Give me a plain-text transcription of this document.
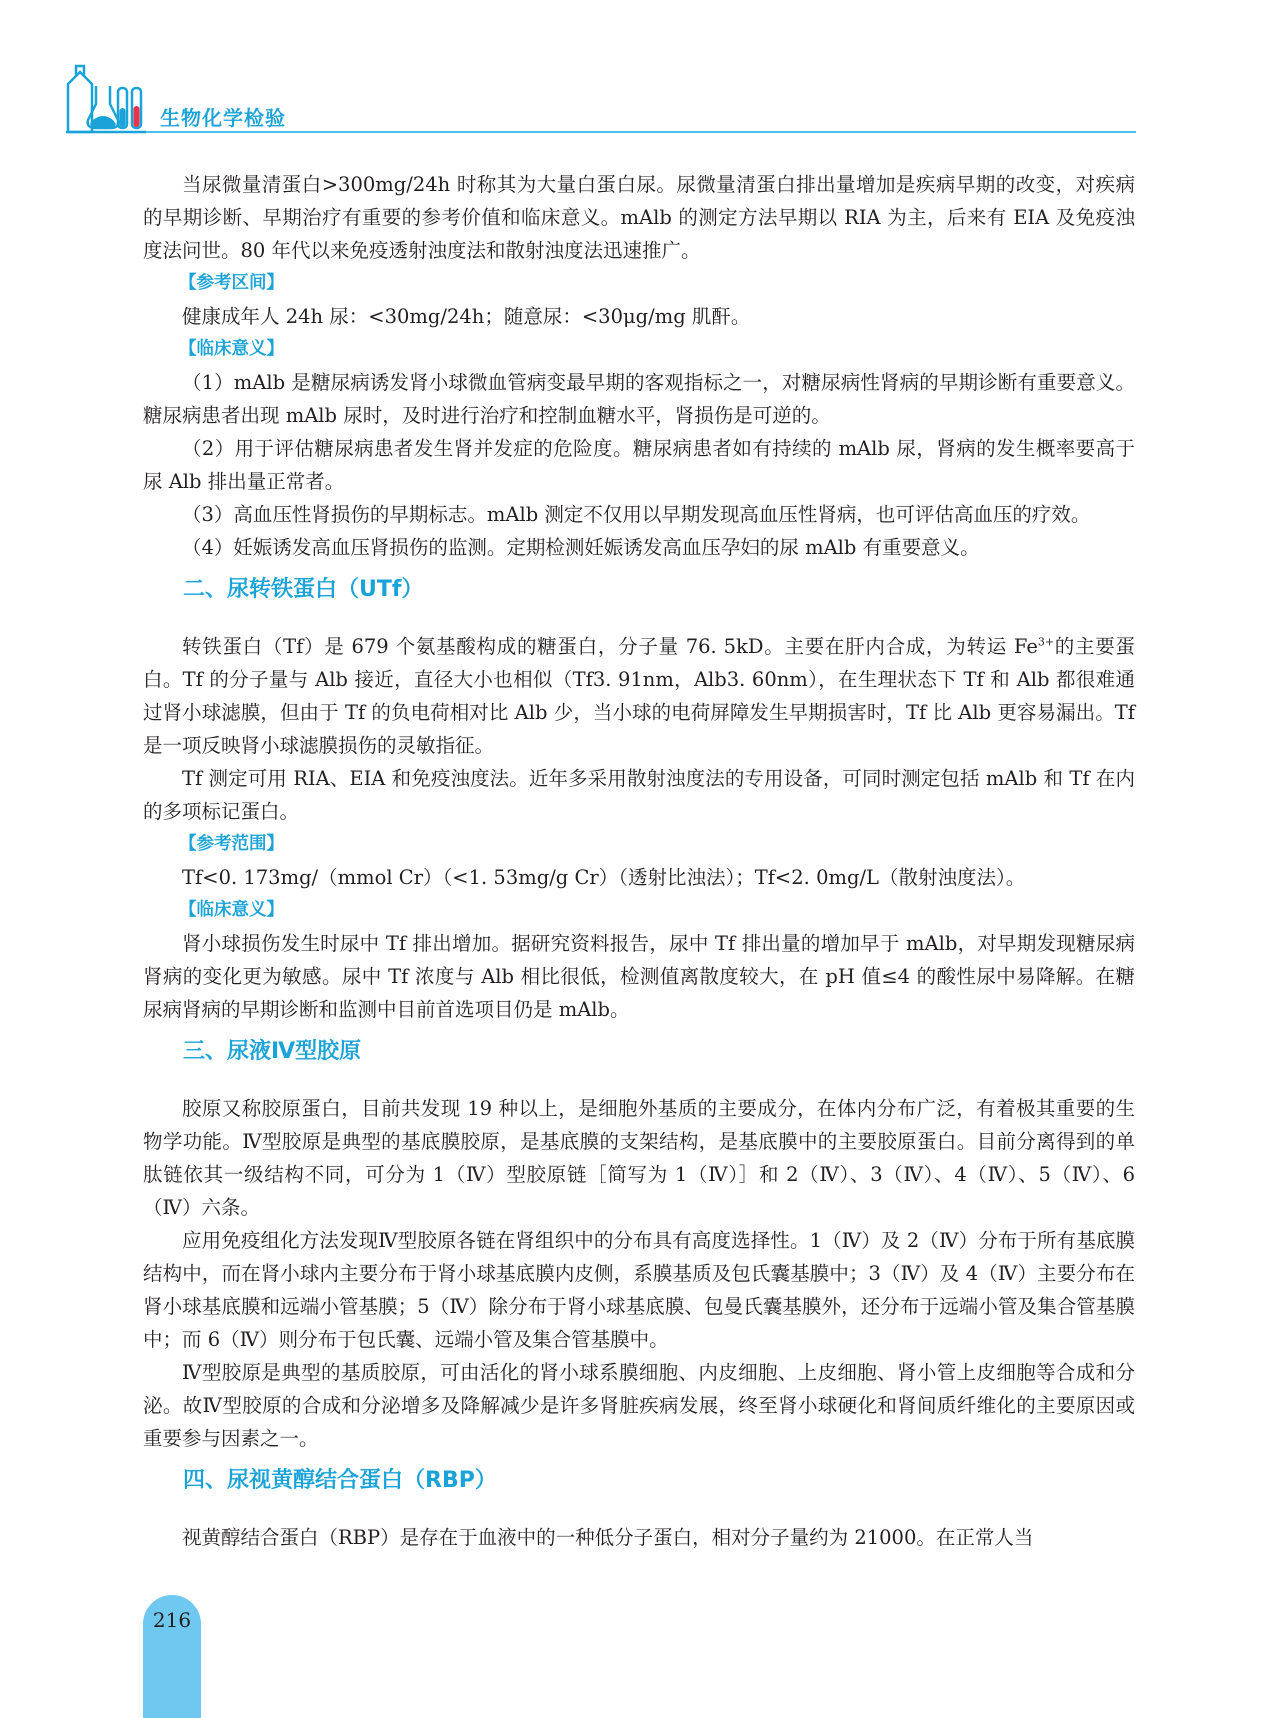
生物化学检验

当尿微量清蛋白>300mg/24h 时称其为大量白蛋白尿。尿微量清蛋白排出量增加是疾病早期的改变，对疾病的早期诊断、早期治疗有重要的参考价值和临床意义。mAlb 的测定方法早期以 RIA 为主，后来有 EIA 及免疫浊度法问世。80 年代以来免疫透射浊度法和散射浊度法迅速推广。

【参考区间】

健康成年人 24h 尿：<30mg/24h；随意尿：<30μg/mg 肌酐。

【临床意义】

（1）mAlb 是糖尿病诱发肾小球微血管病变最早期的客观指标之一，对糖尿病性肾病的早期诊断有重要意义。糖尿病患者出现 mAlb 尿时，及时进行治疗和控制血糖水平，肾损伤是可逆的。

（2）用于评估糖尿病患者发生肾并发症的危险度。糖尿病患者如有持续的 mAlb 尿，肾病的发生概率要高于尿 Alb 排出量正常者。

（3）高血压性肾损伤的早期标志。mAlb 测定不仅用以早期发现高血压性肾病，也可评估高血压的疗效。

（4）妊娠诱发高血压肾损伤的监测。定期检测妊娠诱发高血压孕妇的尿 mAlb 有重要意义。

二、尿转铁蛋白（UTf）

转铁蛋白（Tf）是 679 个氨基酸构成的糖蛋白，分子量 76. 5kD。主要在肝内合成，为转运 $Fe^{3+}$的主要蛋白。Tf 的分子量与 Alb 接近，直径大小也相似（Tf3. 91nm，Alb3. 60nm），在生理状态下 Tf 和 Alb 都很难通过肾小球滤膜，但由于 Tf 的负电荷相对比 Alb 少，当小球的电荷屏障发生早期损害时，Tf 比 Alb 更容易漏出。Tf 是一项反映肾小球滤膜损伤的灵敏指征。

Tf 测定可用 RIA、EIA 和免疫浊度法。近年多采用散射浊度法的专用设备，可同时测定包括 mAlb 和 Tf 在内的多项标记蛋白。

【参考范围】

Tf<0. 173mg/（mmol Cr）（<1. 53mg/g Cr）（透射比浊法）；Tf<2. 0mg/L（散射浊度法）。

【临床意义】

肾小球损伤发生时尿中 Tf 排出增加。据研究资料报告，尿中 Tf 排出量的增加早于 mAlb，对早期发现糖尿病肾病的变化更为敏感。尿中 Tf 浓度与 Alb 相比很低，检测值离散度较大，在 pH 值≤4 的酸性尿中易降解。在糖尿病肾病的早期诊断和监测中目前首选项目仍是 mAlb。

三、尿液Ⅳ型胶原

胶原又称胶原蛋白，目前共发现 19 种以上，是细胞外基质的主要成分，在体内分布广泛，有着极其重要的生物学功能。Ⅳ型胶原是典型的基底膜胶原，是基底膜的支架结构，是基底膜中的主要胶原蛋白。目前分离得到的单肽链依其一级结构不同，可分为 1（Ⅳ）型胶原链［简写为 1（Ⅳ）］和 2（Ⅳ）、3（Ⅳ）、4（Ⅳ）、5（Ⅳ）、6（Ⅳ）六条。

应用免疫组化方法发现Ⅳ型胶原各链在肾组织中的分布具有高度选择性。1（Ⅳ）及 2（Ⅳ）分布于所有基底膜结构中，而在肾小球内主要分布于肾小球基底膜内皮侧，系膜基质及包氏囊基膜中；3（Ⅳ）及 4（Ⅳ）主要分布在肾小球基底膜和远端小管基膜；5（Ⅳ）除分布于肾小球基底膜、包曼氏囊基膜外，还分布于远端小管及集合管基膜中；而 6（Ⅳ）则分布于包氏囊、远端小管及集合管基膜中。

Ⅳ型胶原是典型的基质胶原，可由活化的肾小球系膜细胞、内皮细胞、上皮细胞、肾小管上皮细胞等合成和分泌。故Ⅳ型胶原的合成和分泌增多及降解减少是许多肾脏疾病发展，终至肾小球硬化和肾间质纤维化的主要原因或重要参与因素之一。

四、尿视黄醇结合蛋白（RBP）

视黄醇结合蛋白（RBP）是存在于血液中的一种低分子蛋白，相对分子量约为 21000。在正常人当

216
